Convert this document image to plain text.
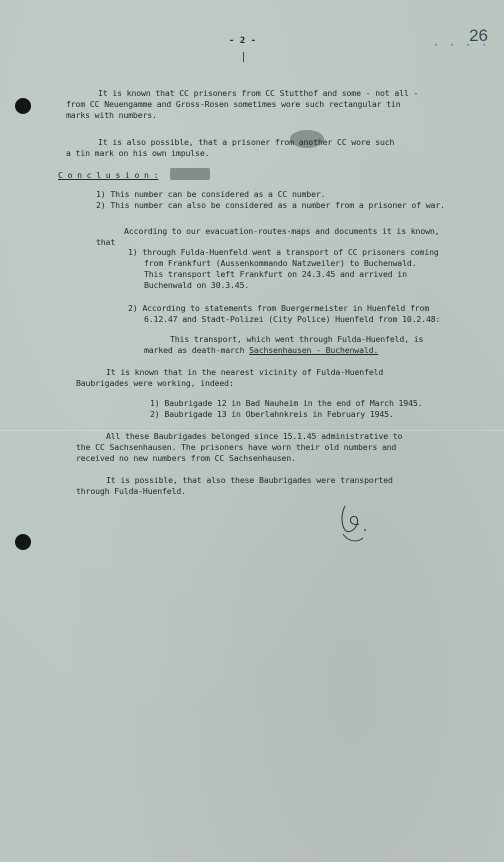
- 2 -	· · · ·
26
It is known that CC prisoners from CC Stutthof and some - not all -
from CC Neuengamme and Gross-Rosen sometimes wore such rectangular tin
marks with numbers.
It is also possible, that a prisoner from another CC wore such
a tin mark on his own impulse.
C o n c l u s i o n :
1) This number can be considered as a CC number.
2) This number can also be considered as a number from a prisoner of war.
According to our evacuation-routes-maps and documents it is known,
that
1) through Fulda-Huenfeld went a transport of CC prisoners coming
from Frankfurt (Aussenkommando Natzweiler) to Buchenwald.
This transport left Frankfurt on 24.3.45 and arrived in
Buchenwald on 30.3.45.
2) According to statements from Buergermeister in Huenfeld from
6.12.47 and Stadt-Polizei (City Police) Huenfeld from 10.2.48:
This transport, which went through Fulda-Huenfeld, is
marked as death-march Sachsenhausen - Buchenwald.
It is known that in the nearest vicinity of Fulda-Huenfeld
Baubrigades were working, indeed:
1) Baubrigade 12 in Bad Nauheim in the end of March 1945.
2) Baubrigade 13 in Oberlahnkreis in February 1945.
All these Baubrigades belonged since 15.1.45 administrative to
the CC Sachsenhausen. The prisoners have worn their old numbers and
received no new numbers from CC Sachsenhausen.
It is possible, that also these Baubrigades were transported
through Fulda-Huenfeld.
